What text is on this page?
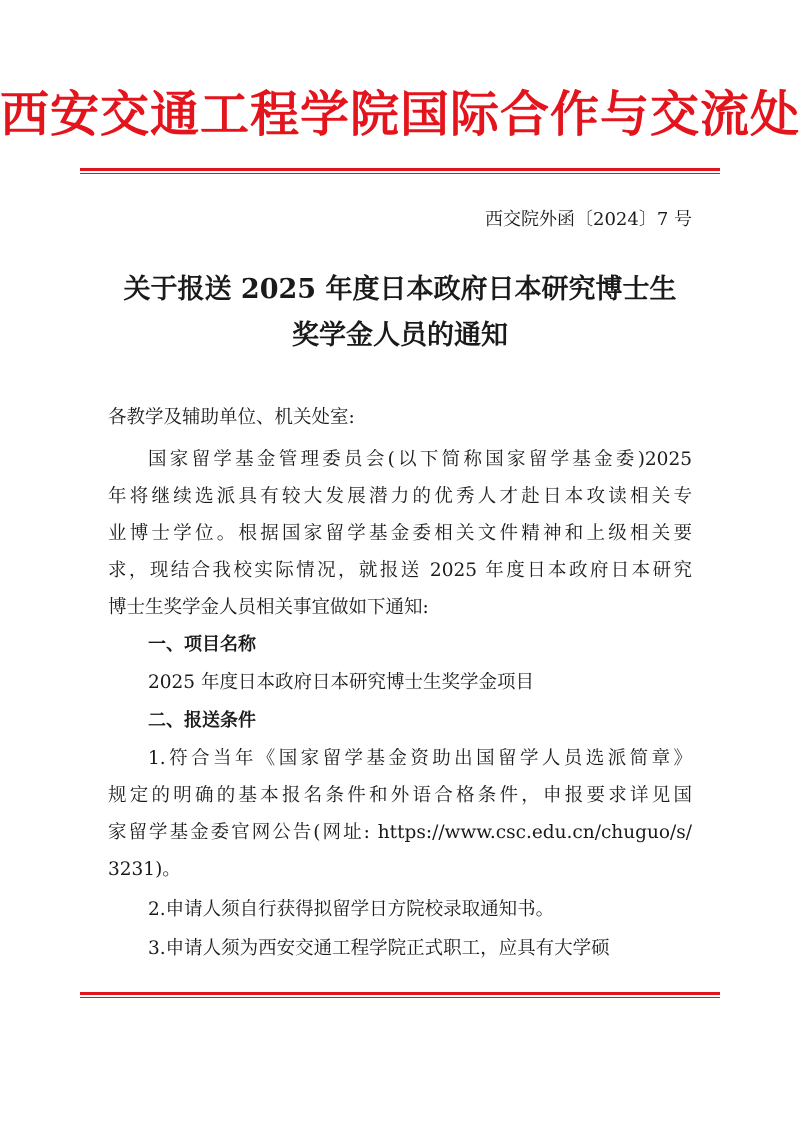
西安交通工程学院国际合作与交流处
西交院外函〔2024〕7 号
关于报送 2025 年度日本政府日本研究博士生
奖学金人员的通知
各教学及辅助单位、机关处室:
国家留学基金管理委员会(以下简称国家留学基金委)2025
年将继续选派具有较大发展潜力的优秀人才赴日本攻读相关专
业博士学位。根据国家留学基金委相关文件精神和上级相关要
求，现结合我校实际情况，就报送 2025 年度日本政府日本研究
博士生奖学金人员相关事宜做如下通知:
一、项目名称
2025 年度日本政府日本研究博士生奖学金项目
二、报送条件
1.符合当年《国家留学基金资助出国留学人员选派简章》
规定的明确的基本报名条件和外语合格条件，申报要求详见国
家留学基金委官网公告(网址: https://www.csc.edu.cn/chuguo/s/
3231)。
2.申请人须自行获得拟留学日方院校录取通知书。
3.申请人须为西安交通工程学院正式职工，应具有大学硕
